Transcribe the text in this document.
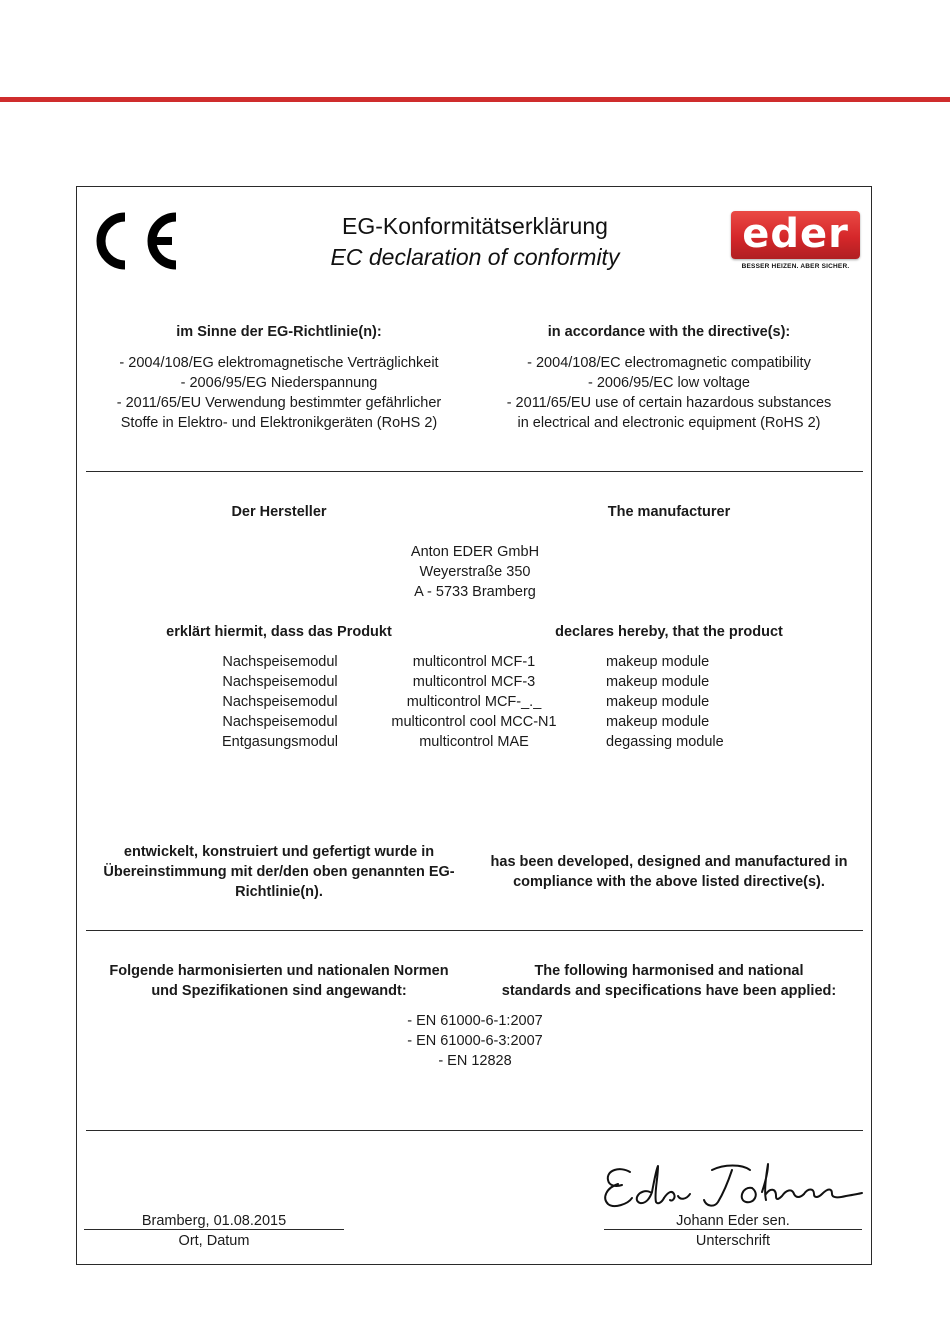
EG-Konformitätserklärung
EC declaration of conformity	eder
BESSER HEIZEN. ABER SICHER.
im Sinne der EG-Richtlinie(n):	in accordance with the directive(s):
- 2004/108/EG elektromagnetische Verträglichkeit
- 2006/95/EG Niederspannung
- 2011/65/EU Verwendung bestimmter gefährlicher
Stoffe in Elektro- und Elektronikgeräten (RoHS 2)
- 2004/108/EC electromagnetic compatibility
- 2006/95/EC low voltage
- 2011/65/EU use of certain hazardous substances
in electrical and electronic equipment (RoHS 2)
Der Hersteller	The manufacturer
Anton EDER GmbH
Weyerstraße 350
A - 5733 Bramberg
erklärt hiermit, dass das Produkt	declares hereby, that the product
Nachspeisemodul	multicontrol MCF-1	makeup module
Nachspeisemodul	multicontrol MCF-3	makeup module
Nachspeisemodul	multicontrol MCF-_._	makeup module
Nachspeisemodul	multicontrol cool MCC-N1	makeup module
Entgasungsmodul	multicontrol MAE	degassing module
entwickelt, konstruiert und gefertigt wurde in
Übereinstimmung mit der/den oben genannten EG-
Richtlinie(n).
has been developed, designed and manufactured in
compliance with the above listed directive(s).
Folgende harmonisierten und nationalen Normen
und Spezifikationen sind angewandt:
The following harmonised and national
standards and specifications have been applied:
- EN 61000-6-1:2007
- EN 61000-6-3:2007
- EN 12828
Bramberg, 01.08.2015
Ort, Datum
Johann Eder sen.
Unterschrift
